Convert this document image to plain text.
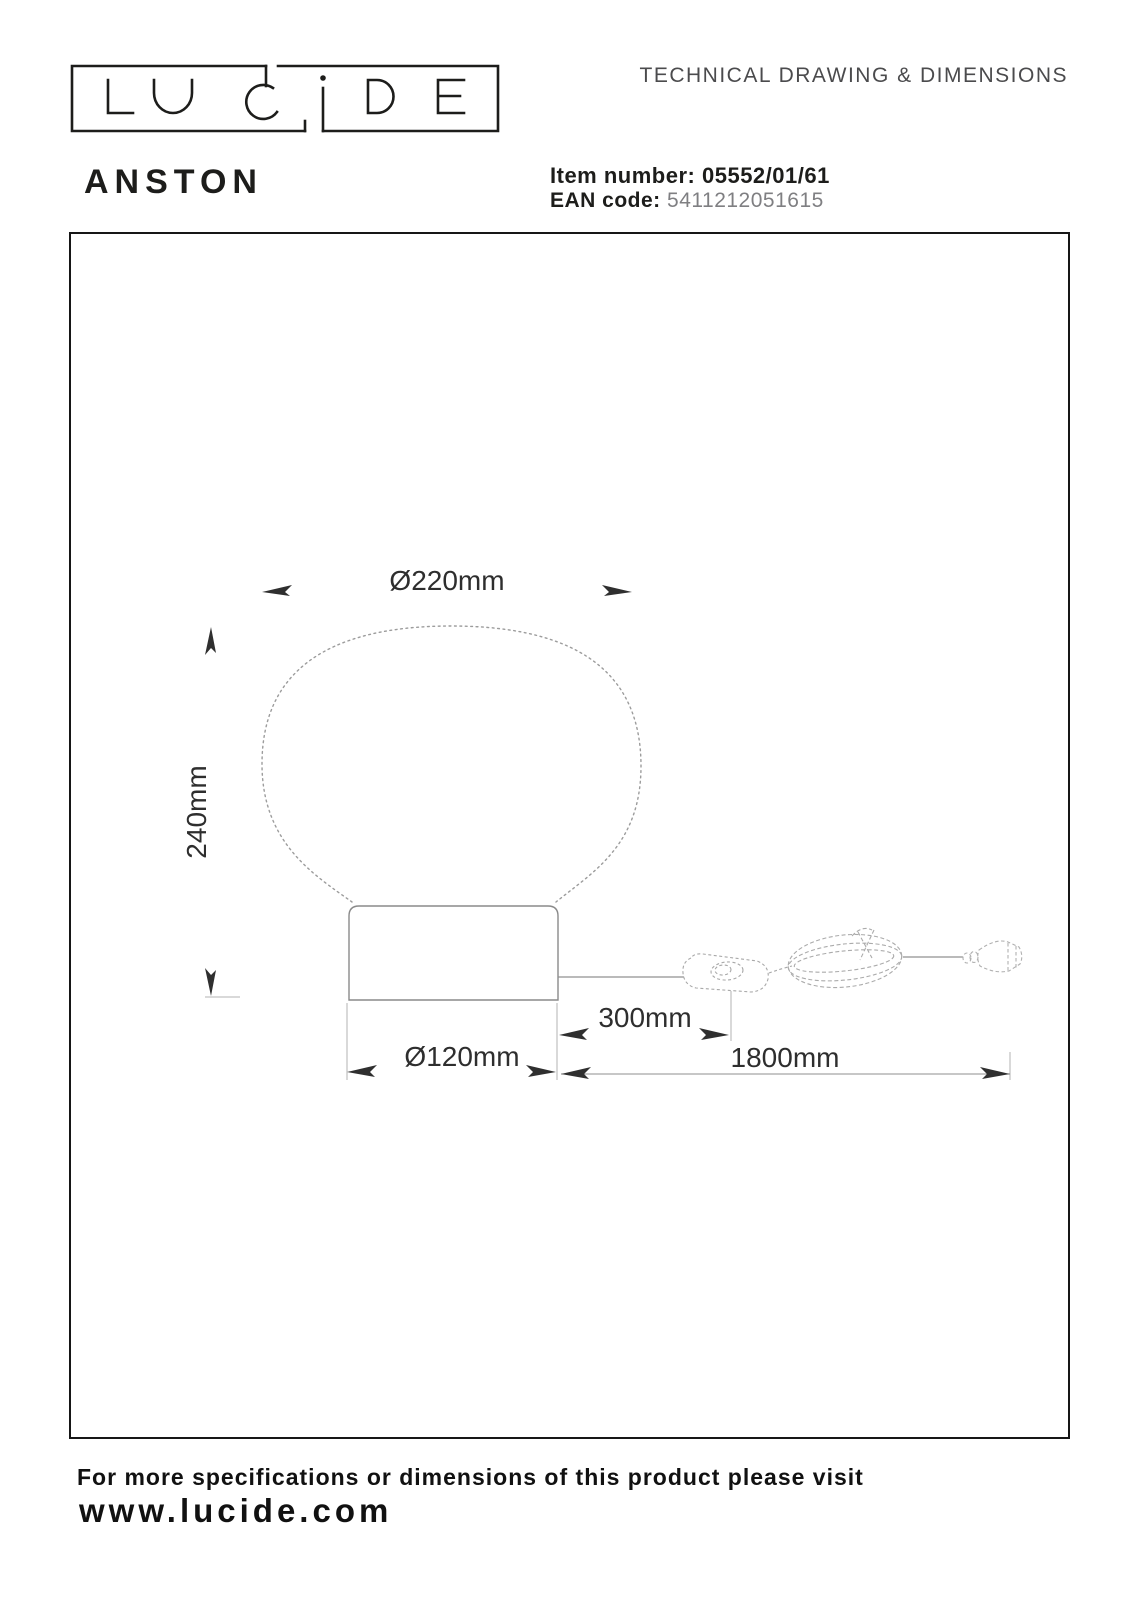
ANSTON
TECHNICAL DRAWING & DIMENSIONS
Item number: 05552/01/61
EAN code: 5411212051615
Ø220mm
240mm
Ø120mm
300mm
1800mm
For more specifications or dimensions of this product please visit
www.lucide.com
